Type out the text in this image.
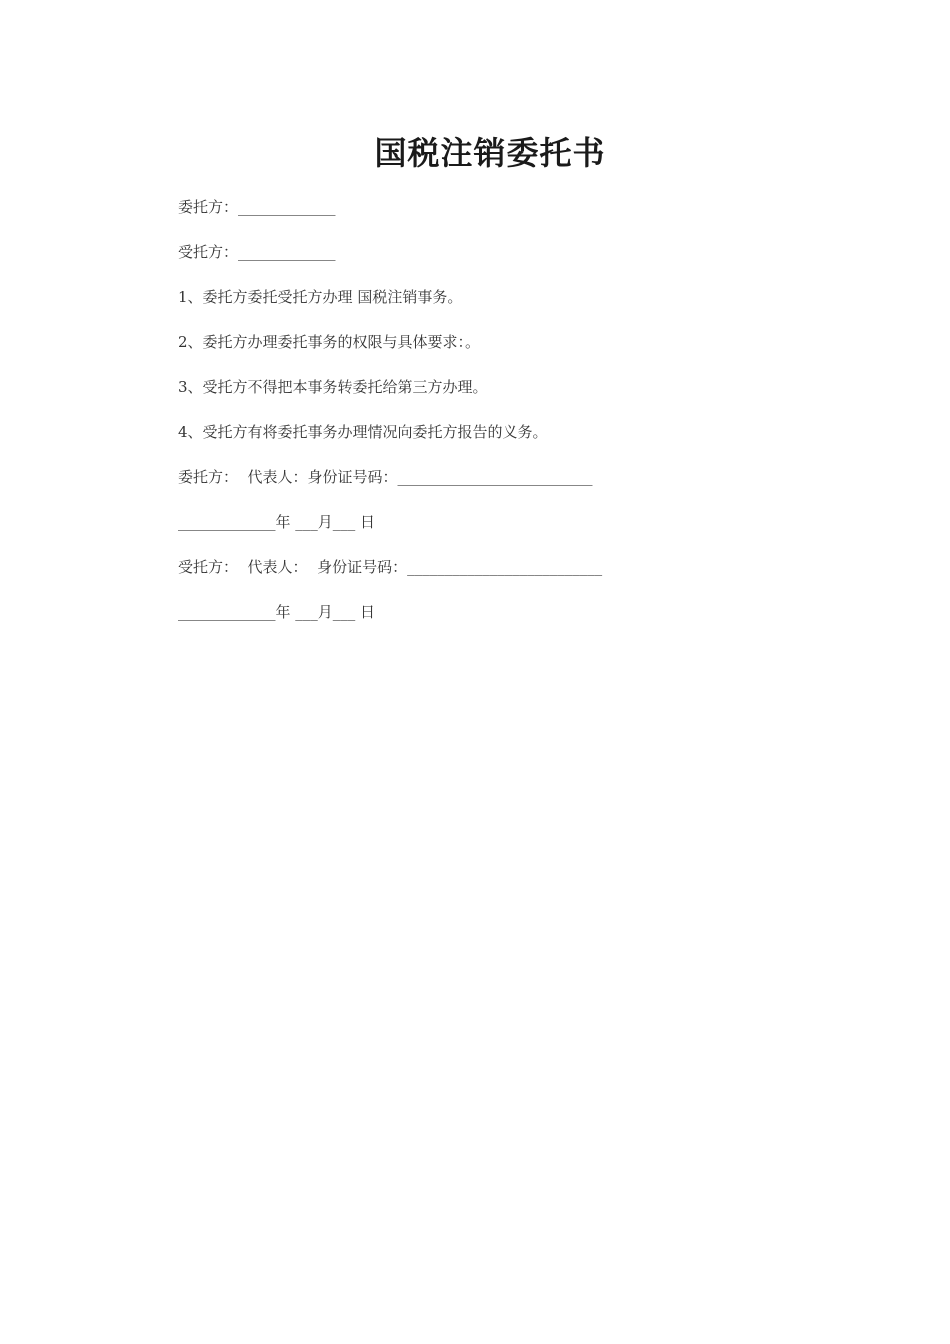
国税注销委托书
委托方：_____________
受托方：_____________
1、委托方委托受托方办理 国税注销事务。
2、委托方办理委托事务的权限与具体要求：。
3、受托方不得把本事务转委托给第三方办理。
4、受托方有将委托事务办理情况向委托方报告的义务。
委托方：  代表人：身份证号码：__________________________
_____________年 ___月___ 日
受托方：  代表人：  身份证号码：__________________________
_____________年 ___月___ 日
